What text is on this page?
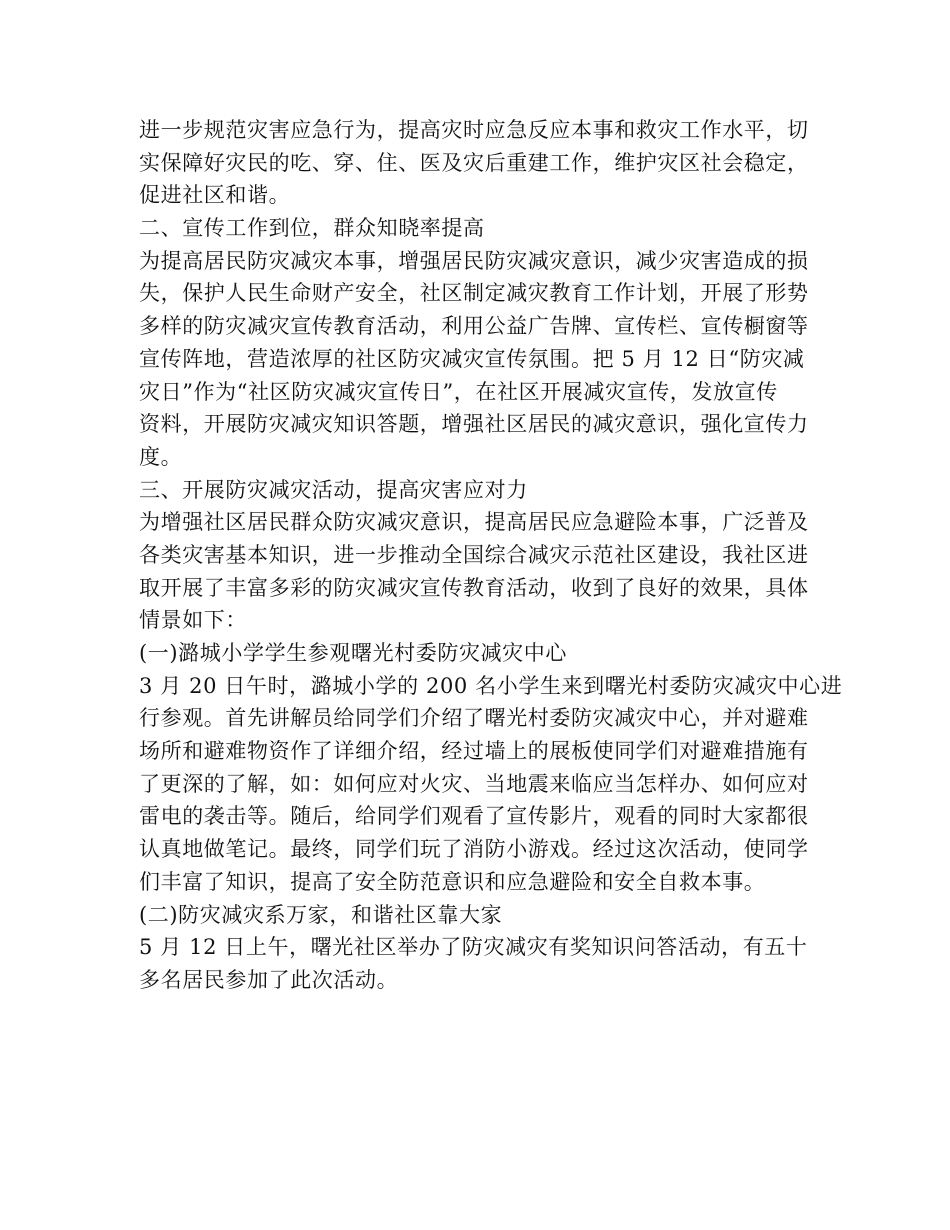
进一步规范灾害应急行为，提高灾时应急反应本事和救灾工作水平，切
实保障好灾民的吃、穿、住、医及灾后重建工作，维护灾区社会稳定，
促进社区和谐。
二、宣传工作到位，群众知晓率提高
为提高居民防灾减灾本事，增强居民防灾减灾意识，减少灾害造成的损
失，保护人民生命财产安全，社区制定减灾教育工作计划，开展了形势
多样的防灾减灾宣传教育活动，利用公益广告牌、宣传栏、宣传橱窗等
宣传阵地，营造浓厚的社区防灾减灾宣传氛围。把 5 月 12 日“防灾减
灾日”作为“社区防灾减灾宣传日”，在社区开展减灾宣传，发放宣传
资料，开展防灾减灾知识答题，增强社区居民的减灾意识，强化宣传力
度。
三、开展防灾减灾活动，提高灾害应对力
为增强社区居民群众防灾减灾意识，提高居民应急避险本事，广泛普及
各类灾害基本知识，进一步推动全国综合减灾示范社区建设，我社区进
取开展了丰富多彩的防灾减灾宣传教育活动，收到了良好的效果，具体
情景如下：
(一)潞城小学学生参观曙光村委防灾减灾中心
3 月 20 日午时，潞城小学的 200 名小学生来到曙光村委防灾减灾中心进
行参观。首先讲解员给同学们介绍了曙光村委防灾减灾中心，并对避难
场所和避难物资作了详细介绍，经过墙上的展板使同学们对避难措施有
了更深的了解，如：如何应对火灾、当地震来临应当怎样办、如何应对
雷电的袭击等。随后，给同学们观看了宣传影片，观看的同时大家都很
认真地做笔记。最终，同学们玩了消防小游戏。经过这次活动，使同学
们丰富了知识，提高了安全防范意识和应急避险和安全自救本事。
(二)防灾减灾系万家，和谐社区靠大家
5 月 12 日上午，曙光社区举办了防灾减灾有奖知识问答活动，有五十
多名居民参加了此次活动。
